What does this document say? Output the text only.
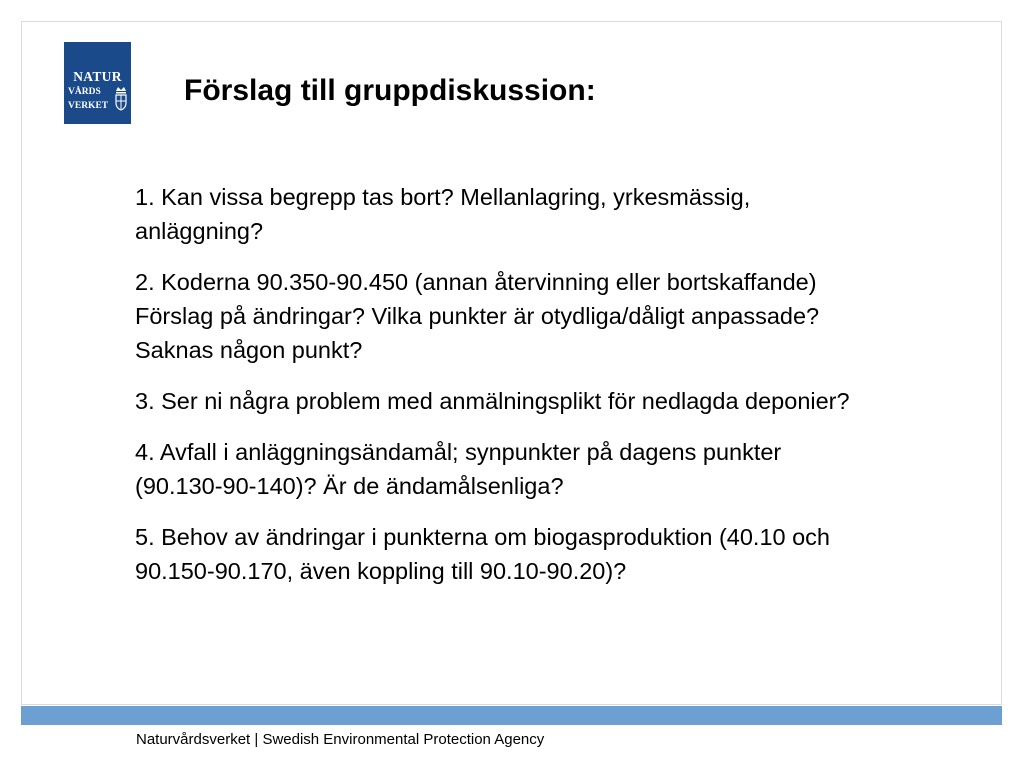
NATUR
VÅRDS
VERKET	Förslag till gruppdiskussion:

1. Kan vissa begrepp tas bort? Mellanlagring, yrkesmässig, anläggning?

2. Koderna 90.350-90.450 (annan återvinning eller bortskaffande) Förslag på ändringar? Vilka punkter är otydliga/dåligt anpassade? Saknas någon punkt?

3. Ser ni några problem med anmälningsplikt för nedlagda deponier?

4. Avfall i anläggningsändamål; synpunkter på dagens punkter (90.130-90-140)? Är de ändamålsenliga?

5. Behov av ändringar i punkterna om biogasproduktion (40.10 och 90.150-90.170, även koppling till 90.10-90.20)?

Naturvårdsverket | Swedish Environmental Protection Agency
